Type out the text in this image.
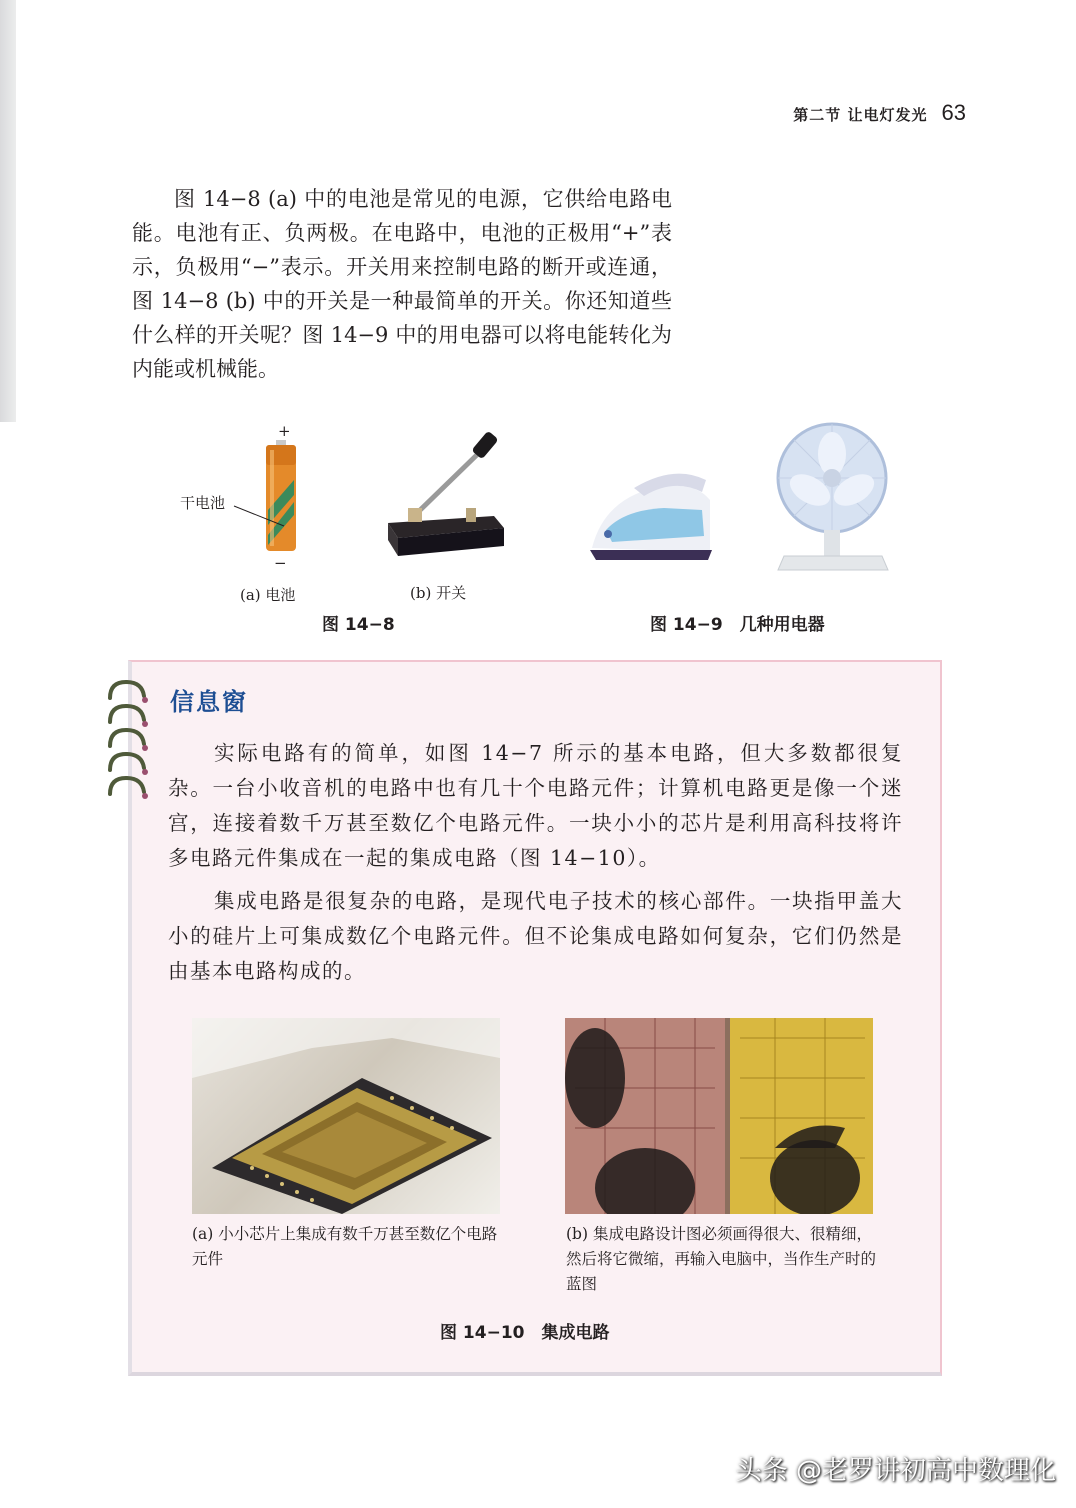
第二节 让电灯发光 63

图 14−8 (a) 中的电池是常见的电源，它供给电路电能。电池有正、负两极。在电路中，电池的正极用“+”表示，负极用“−”表示。开关用来控制电路的断开或连通，图 14−8 (b) 中的开关是一种最简单的开关。你还知道些什么样的开关呢？图 14−9 中的用电器可以将电能转化为内能或机械能。

+
干电池
−
(a) 电池	(b) 开关
图 14−8	图 14−9　几种用电器
信息窗

实际电路有的简单，如图 14−7 所示的基本电路，但大多数都很复杂。一台小收音机的电路中也有几十个电路元件；计算机电路更是像一个迷宫，连接着数千万甚至数亿个电路元件。一块小小的芯片是利用高科技将许多电路元件集成在一起的集成电路（图 14−10）。

集成电路是很复杂的电路，是现代电子技术的核心部件。一块指甲盖大小的硅片上可集成数亿个电路元件。但不论集成电路如何复杂，它们仍然是由基本电路构成的。

(a) 小小芯片上集成有数千万甚至数亿个电路元件
(b) 集成电路设计图必须画得很大、很精细，然后将它微缩，再输入电脑中，当作生产时的蓝图
图 14−10　集成电路
头条 @老罗讲初高中数理化
